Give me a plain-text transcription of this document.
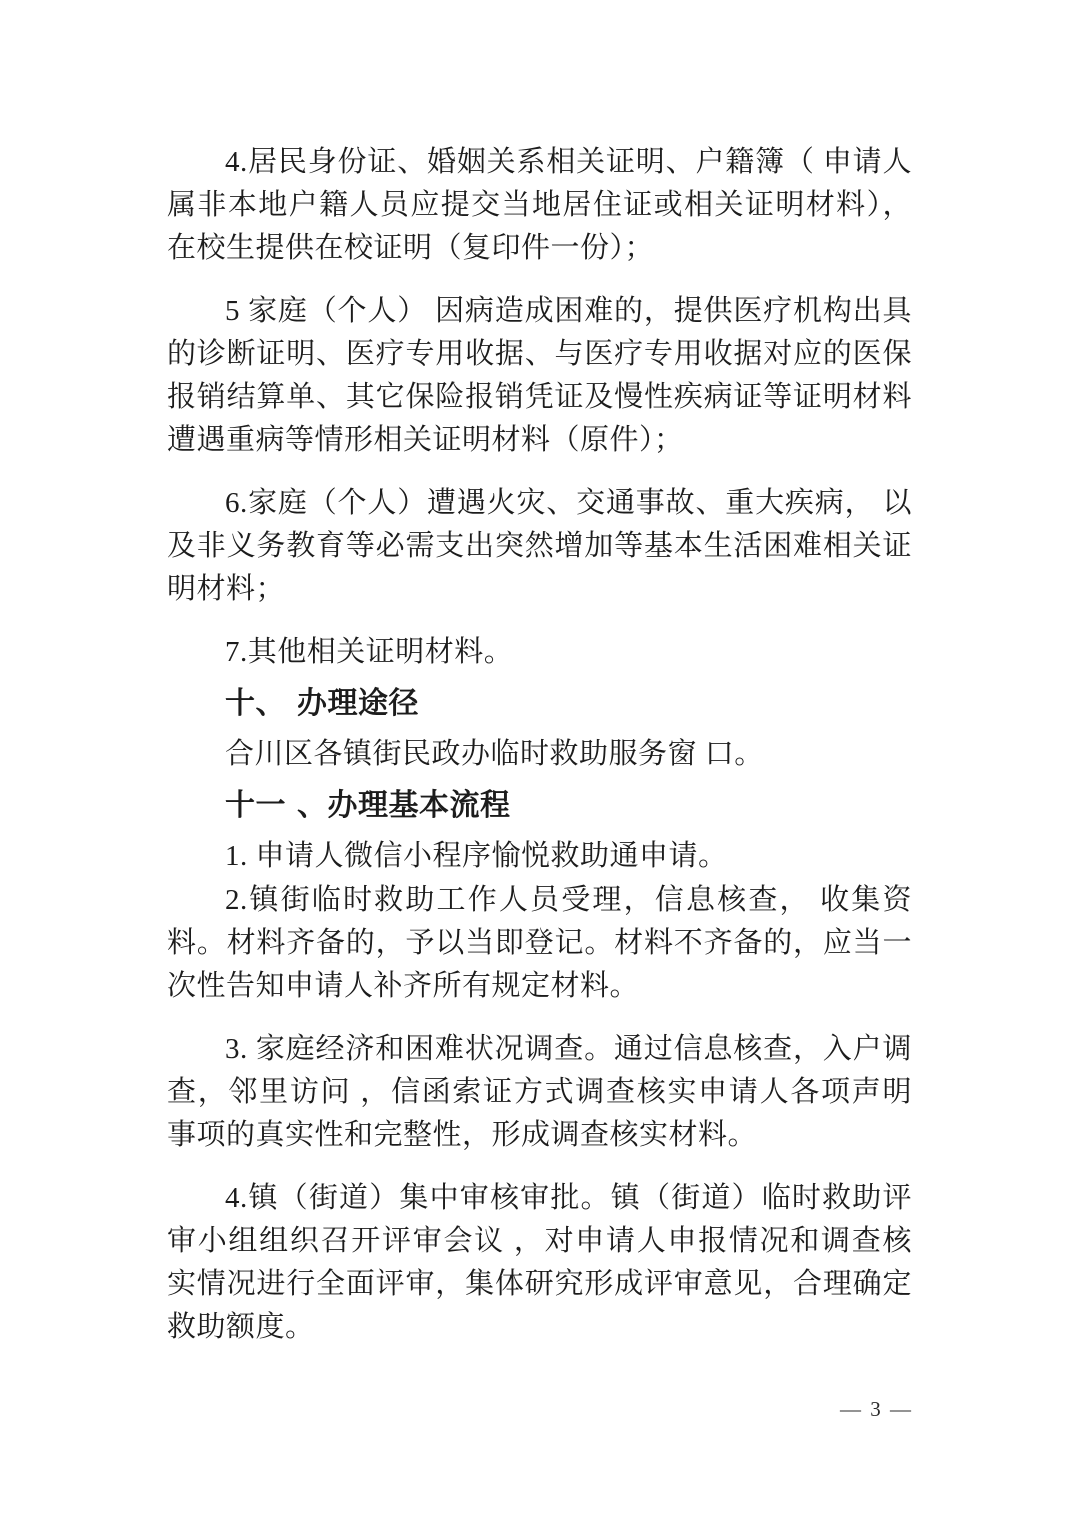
4.居民身份证、婚姻关系相关证明、户籍簿（ 申请人属非本地户籍人员应提交当地居住证或相关证明材料），在校生提供在校证明（复印件一份）；

5 家庭（个人） 因病造成困难的，提供医疗机构出具的诊断证明、医疗专用收据、与医疗专用收据对应的医保报销结算单、其它保险报销凭证及慢性疾病证等证明材料遭遇重病等情形相关证明材料（原件）；

6.家庭（个人）遭遇火灾、交通事故、重大疾病， 以及非义务教育等必需支出突然增加等基本生活困难相关证明材料；

7.其他相关证明材料。

十、 办理途径

合川区各镇街民政办临时救助服务窗 口。

十一 、办理基本流程

1. 申请人微信小程序愉悦救助通申请。

2.镇街临时救助工作人员受理，信息核查， 收集资料。材料齐备的，予以当即登记。材料不齐备的，应当一次性告知申请人补齐所有规定材料。

3. 家庭经济和困难状况调查。通过信息核查，入户调查，邻里访问 ，信函索证方式调查核实申请人各项声明事项的真实性和完整性，形成调查核实材料。

4.镇（街道）集中审核审批。镇（街道）临时救助评审小组组织召开评审会议 ，对申请人申报情况和调查核实情况进行全面评审，集体研究形成评审意见，合理确定救助额度。

— 3 —
